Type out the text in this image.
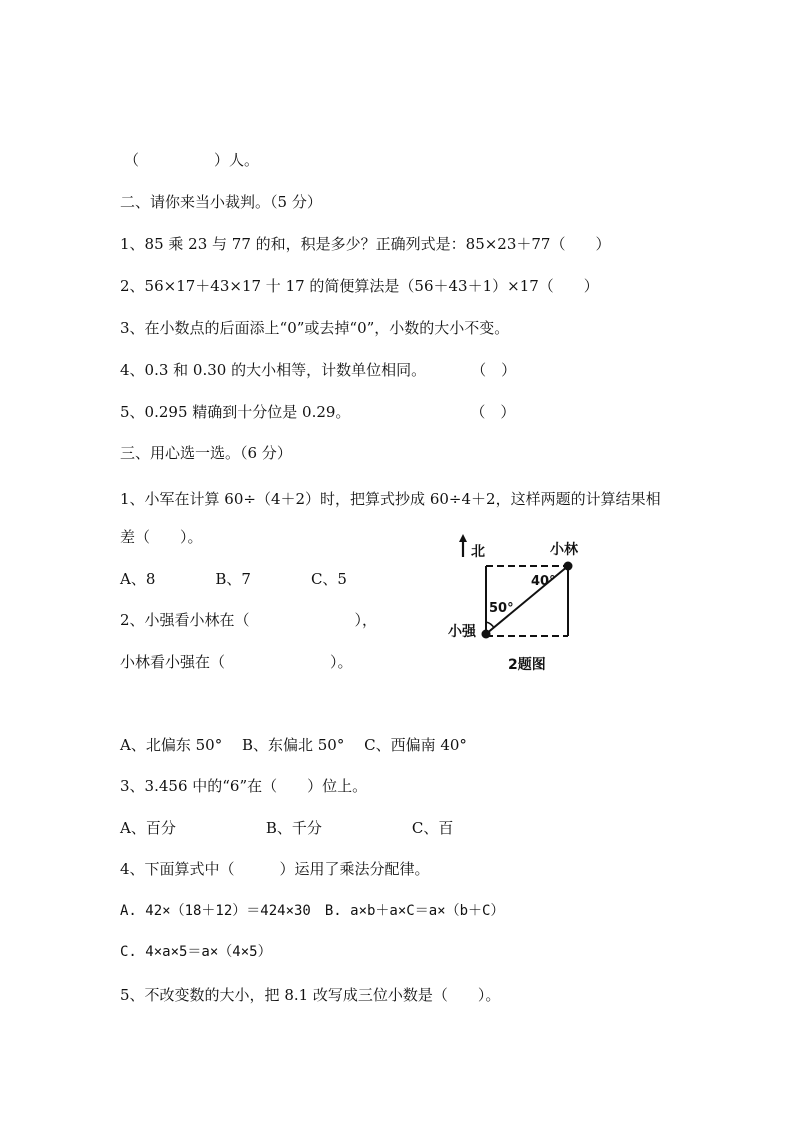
（　　　　　）人。
二、请你来当小裁判。（5 分）
1、85 乘 23 与 77 的和，积是多少？正确列式是：85×23＋77（　　）
2、56×17＋43×17 十 17 的简便算法是（56＋43＋1）×17（　　）
3、在小数点的后面添上“0”或去掉“0”，小数的大小不变。
4、0.3 和 0.30 的大小相等，计数单位相同。　　　　（　）
5、0.295 精确到十分位是 0.29。　　　　　　　　　（　）
三、用心选一选。（6 分）
1、小军在计算 60÷（4＋2）时，把算式抄成 60÷4＋2，这样两题的计算结果相
差（　　）。
A、8　　　　B、7　　　　C、5
2、小强看小林在（　　　　　　　），
小林看小强在（　　　　　　　）。
北	小林
50°
40°
小强
2题图
A、北偏东 50°　 B、东偏北 50°　 C、西偏南 40°
3、3.456 中的“6”在（　　）位上。
A、百分　　　　　　B、千分　　　　　　C、百
4、下面算式中（　　　）运用了乘法分配律。
A. 42×（18＋12）＝424×30　B. a×b＋a×C＝a×（b＋C）
C. 4×a×5＝a×（4×5）
5、不改变数的大小，把 8.1 改写成三位小数是（　　）。
